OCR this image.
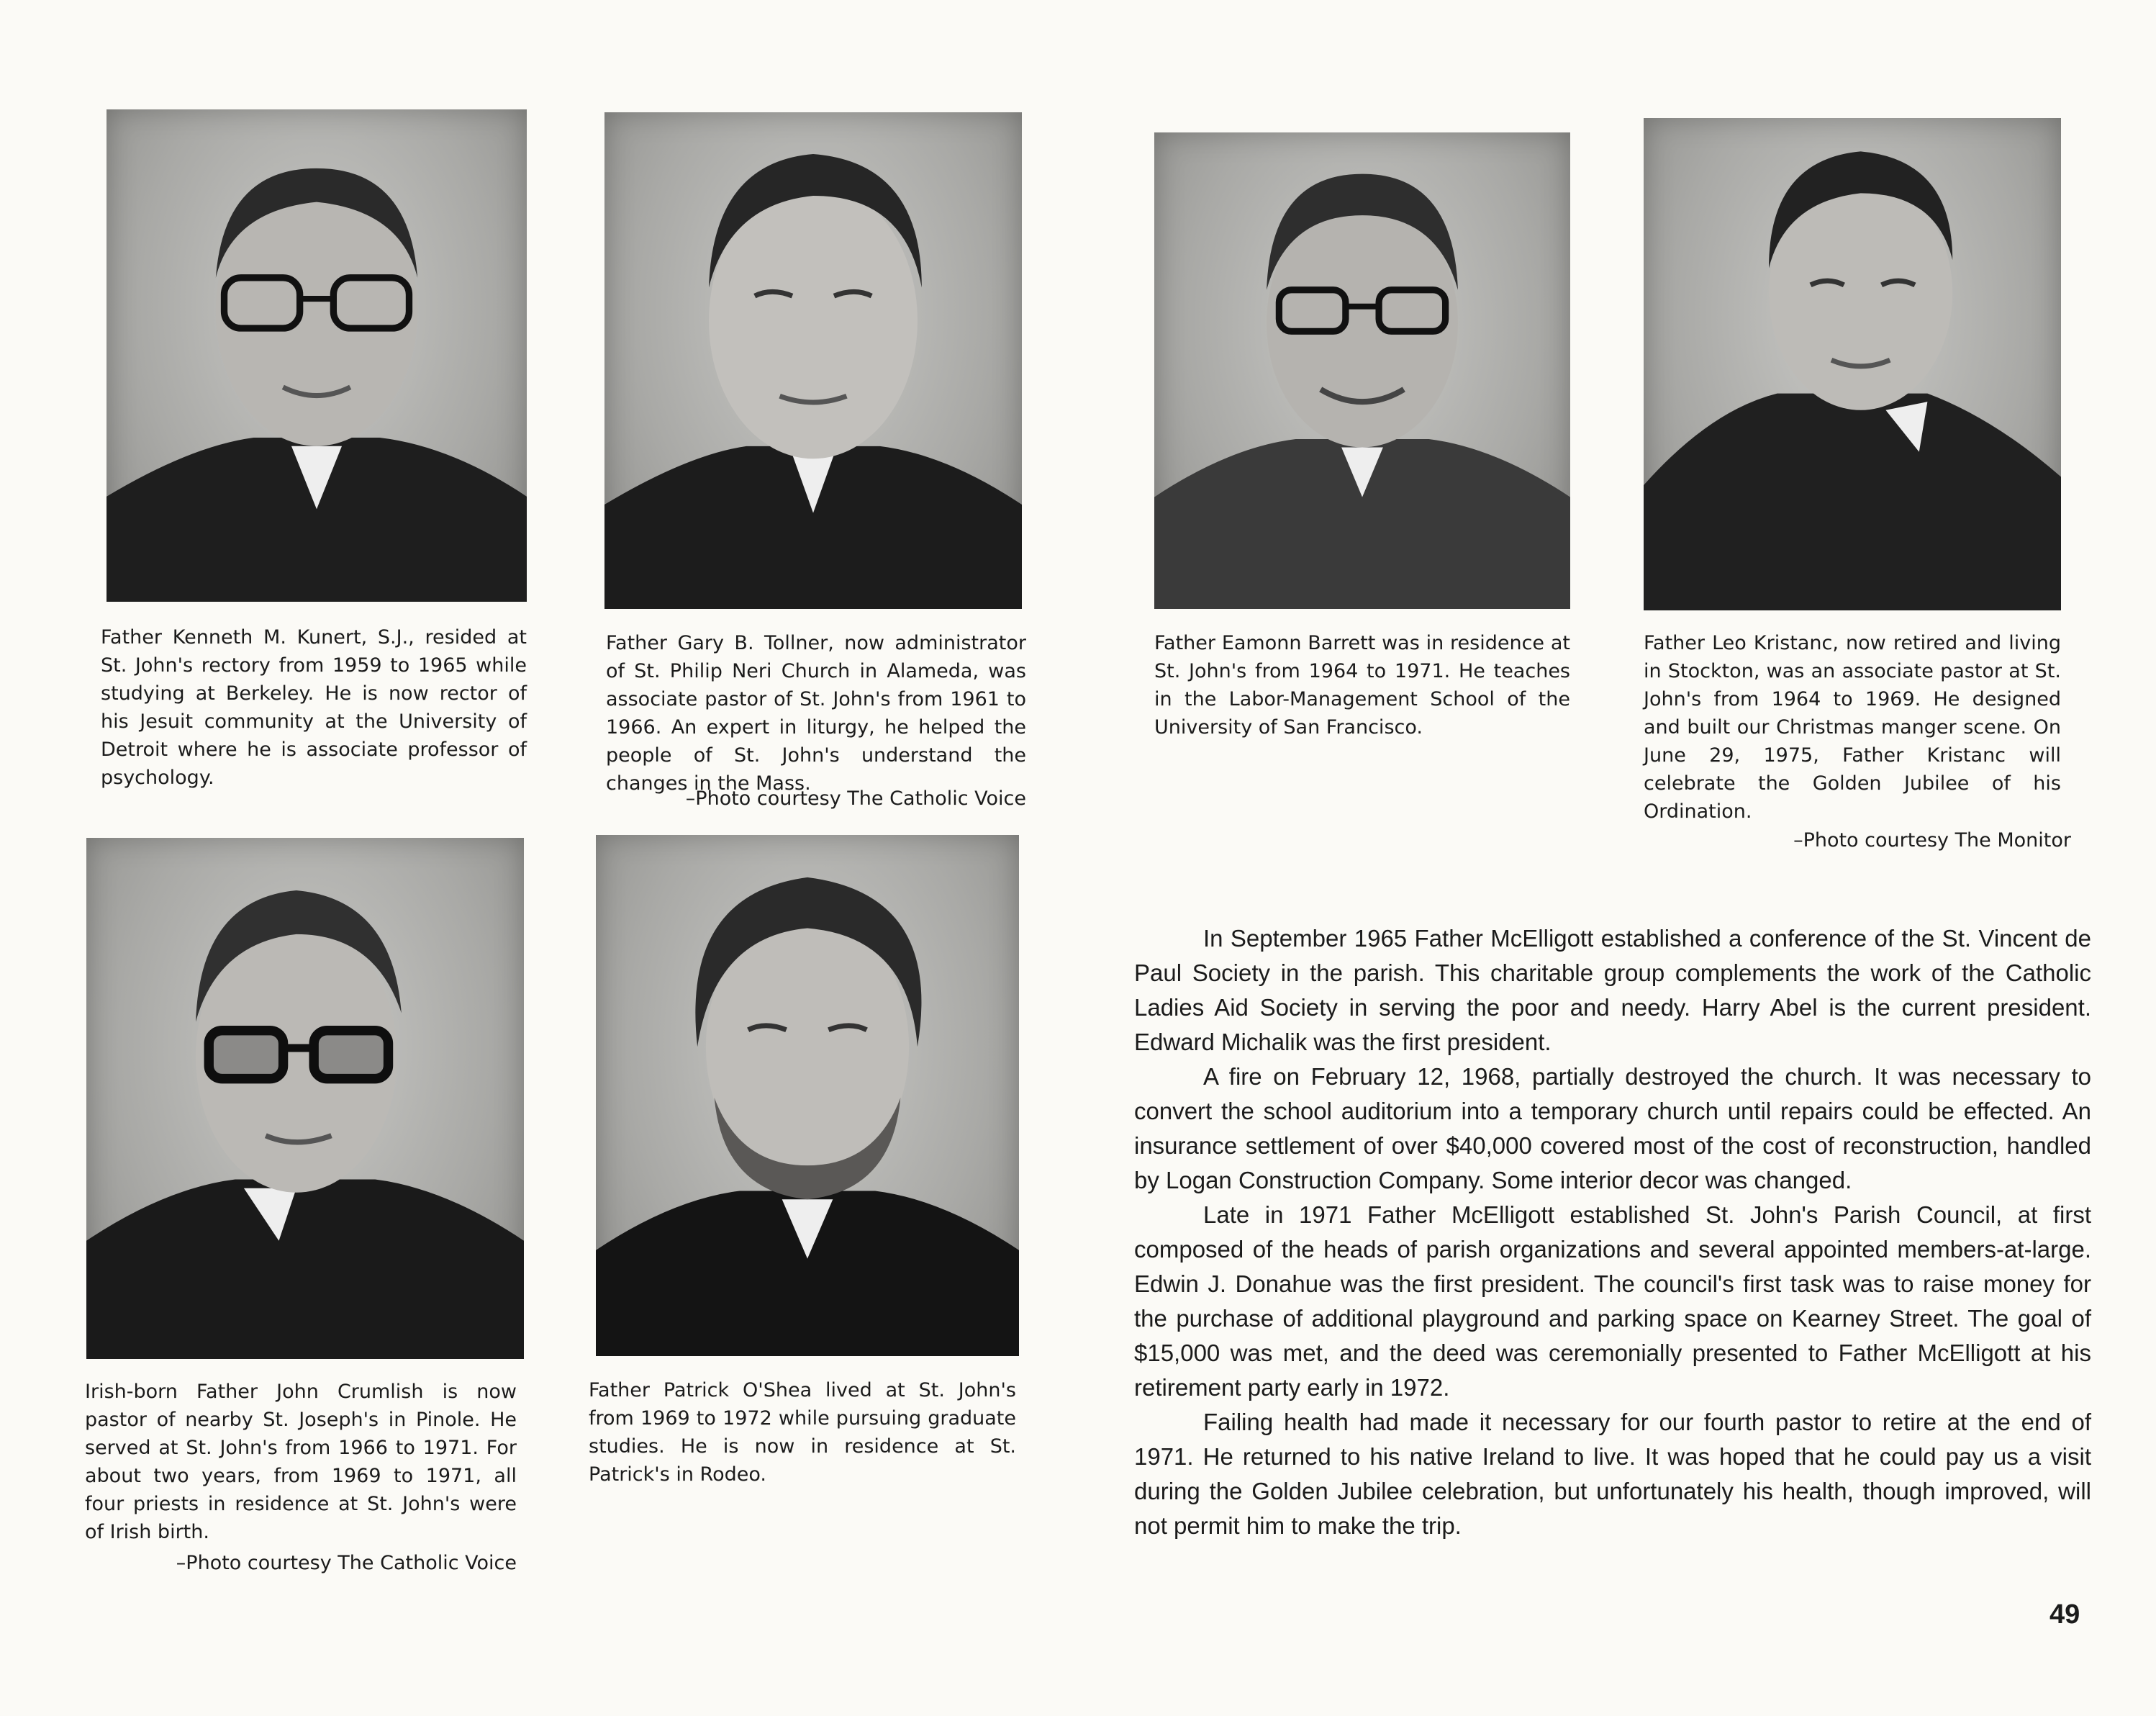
Father Kenneth M. Kunert, S.J., resided at St. John's rectory from 1959 to 1965 while studying at Berkeley. He is now rector of his Jesuit community at the University of Detroit where he is associate professor of psychology.

Father Gary B. Tollner, now administrator of St. Philip Neri Church in Alameda, was associate pastor of St. John's from 1961 to 1966. An expert in liturgy, he helped the people of St. John's understand the changes in the Mass.

–Photo courtesy The Catholic Voice

Father Eamonn Barrett was in residence at St. John's from 1964 to 1971. He teaches in the Labor-Management School of the University of San Francisco.

Father Leo Kristanc, now retired and living in Stockton, was an associate pastor at St. John's from 1964 to 1969. He designed and built our Christmas manger scene. On June 29, 1975, Father Kristanc will celebrate the Golden Jubilee of his Ordination.

–Photo courtesy The Monitor

Irish-born Father John Crumlish is now pastor of nearby St. Joseph's in Pinole. He served at St. John's from 1966 to 1971. For about two years, from 1969 to 1971, all four priests in residence at St. John's were of Irish birth.

–Photo courtesy The Catholic Voice

Father Patrick O'Shea lived at St. John's from 1969 to 1972 while pursuing graduate studies. He is now in residence at St. Patrick's in Rodeo.

In September 1965 Father McElligott established a conference of the St. Vincent de Paul Society in the parish. This charitable group complements the work of the Catholic Ladies Aid Society in serving the poor and needy. Harry Abel is the current president. Edward Michalik was the first president.

A fire on February 12, 1968, partially destroyed the church. It was necessary to convert the school auditorium into a temporary church until repairs could be effected. An insurance settlement of over $40,000 covered most of the cost of reconstruction, handled by Logan Construction Company. Some interior decor was changed.

Late in 1971 Father McElligott established St. John's Parish Council, at first composed of the heads of parish organizations and several appointed members-at-large. Edwin J. Donahue was the first president. The council's first task was to raise money for the purchase of additional playground and parking space on Kearney Street. The goal of $15,000 was met, and the deed was ceremonially presented to Father McElligott at his retirement party early in 1972.

Failing health had made it necessary for our fourth pastor to retire at the end of 1971. He returned to his native Ireland to live. It was hoped that he could pay us a visit during the Golden Jubilee celebration, but unfortunately his health, though improved, will not permit him to make the trip.

49
